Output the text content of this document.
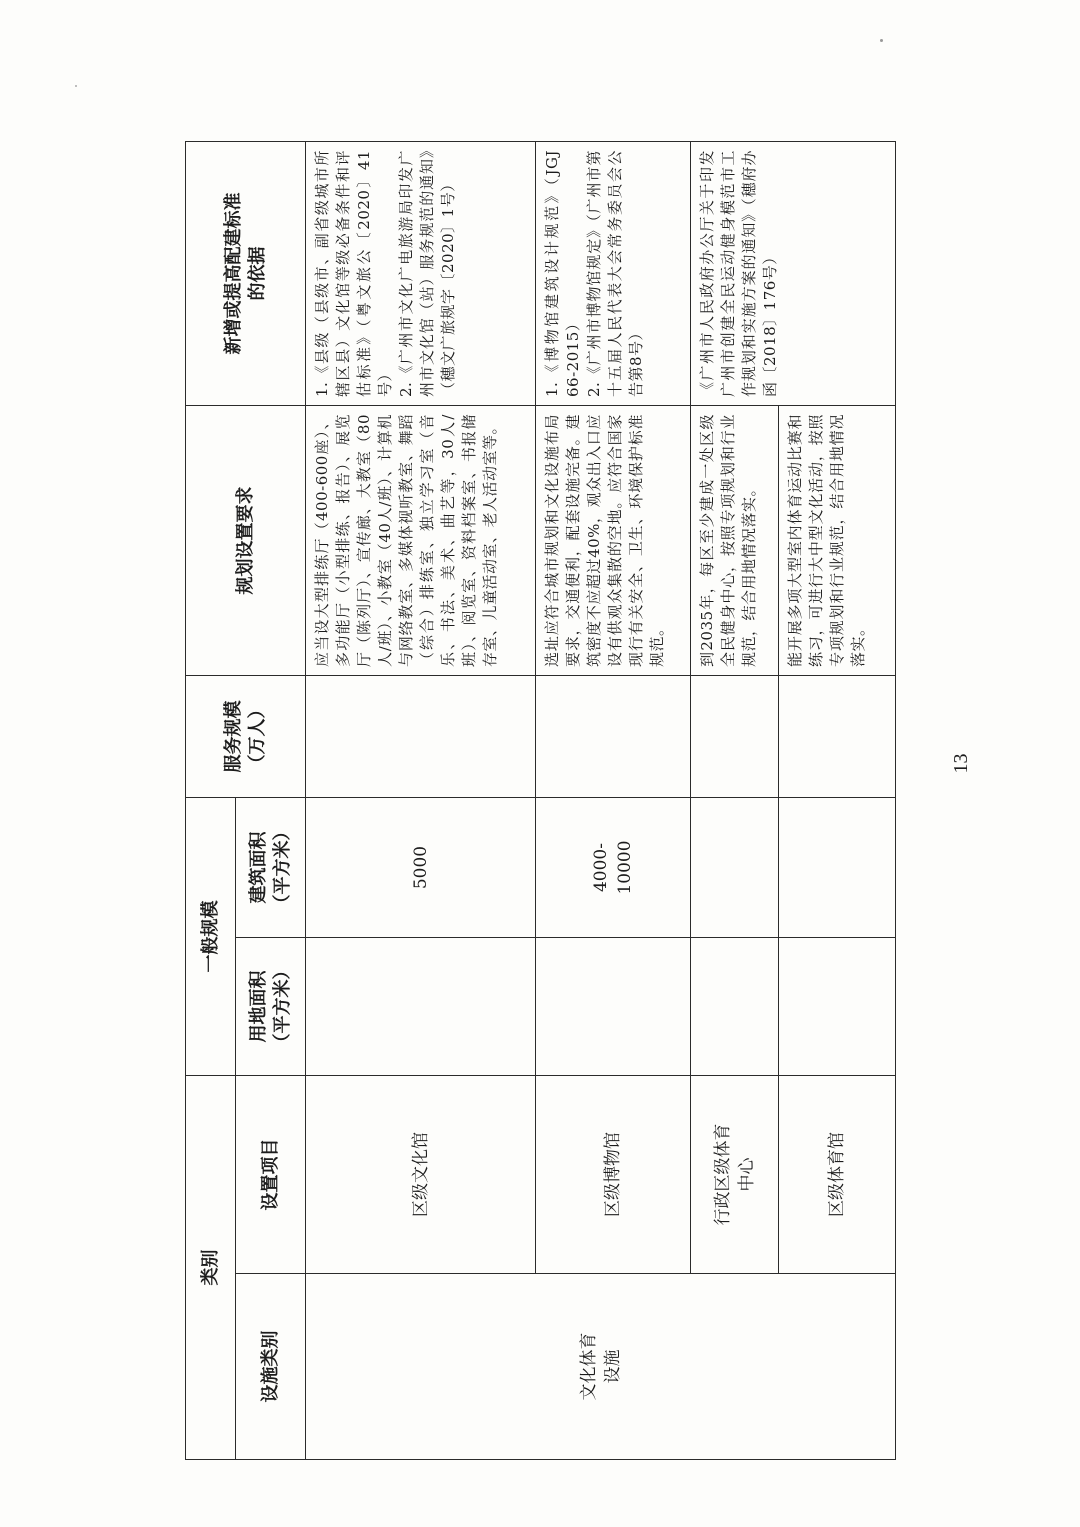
类别		一般规模		服务规模
（万人）	规划设置要求	新增或提高配建标准
的依据
设施类别	设置项目	用地面积
（平方米）	建筑面积
（平方米）			
文化体育
设施	区级文化馆		5000		应当设大型排练厅（400-600座）、多功能厅（小型排练、报告）、展览厅（陈列厅）、宣传廊、大教室（80人/班）、小教室（40人/班）、计算机与网络教室、多媒体视听教室、舞蹈（综合）排练室、独立学习室（音乐、书法、美术、曲艺等，30人/班）、阅览室、资料档案室、书报储存室、儿童活动室、老人活动室等。	1.《县级（县级市、副省级城市所辖区县）文化馆等级必备条件和评估标准》（粤文旅公〔2020〕41号）
2.《广州市文化广电旅游局印发广州市文化馆（站）服务规范的通知》（穗文广旅规字〔2020〕1号）
	区级博物馆		4000-
10000		选址应符合城市规划和文化设施布局要求，交通便利，配套设施完备。建筑密度不应超过40%，观众出入口应设有供观众集散的空地。应符合国家现行有关安全、卫生、环境保护标准规范。	1.《博物馆建筑设计规范》（JGJ 66-2015）
2.《广州市博物馆规定》（广州市第十五届人民代表大会常务委员会公告第8号）
	行政区级体育
中心				到2035年，每区至少建成一处区级全民健身中心，按照专项规划和行业规范，结合用地情况落实。	《广州市人民政府办公厅关于印发广州市创建全民运动健身模范市工作规划和实施方案的通知》（穗府办函〔2018〕176号）
	区级体育馆				能开展多项大型室内体育运动比赛和练习，可进行大中型文化活动，按照专项规划和行业规范，结合用地情况落实。	
13
